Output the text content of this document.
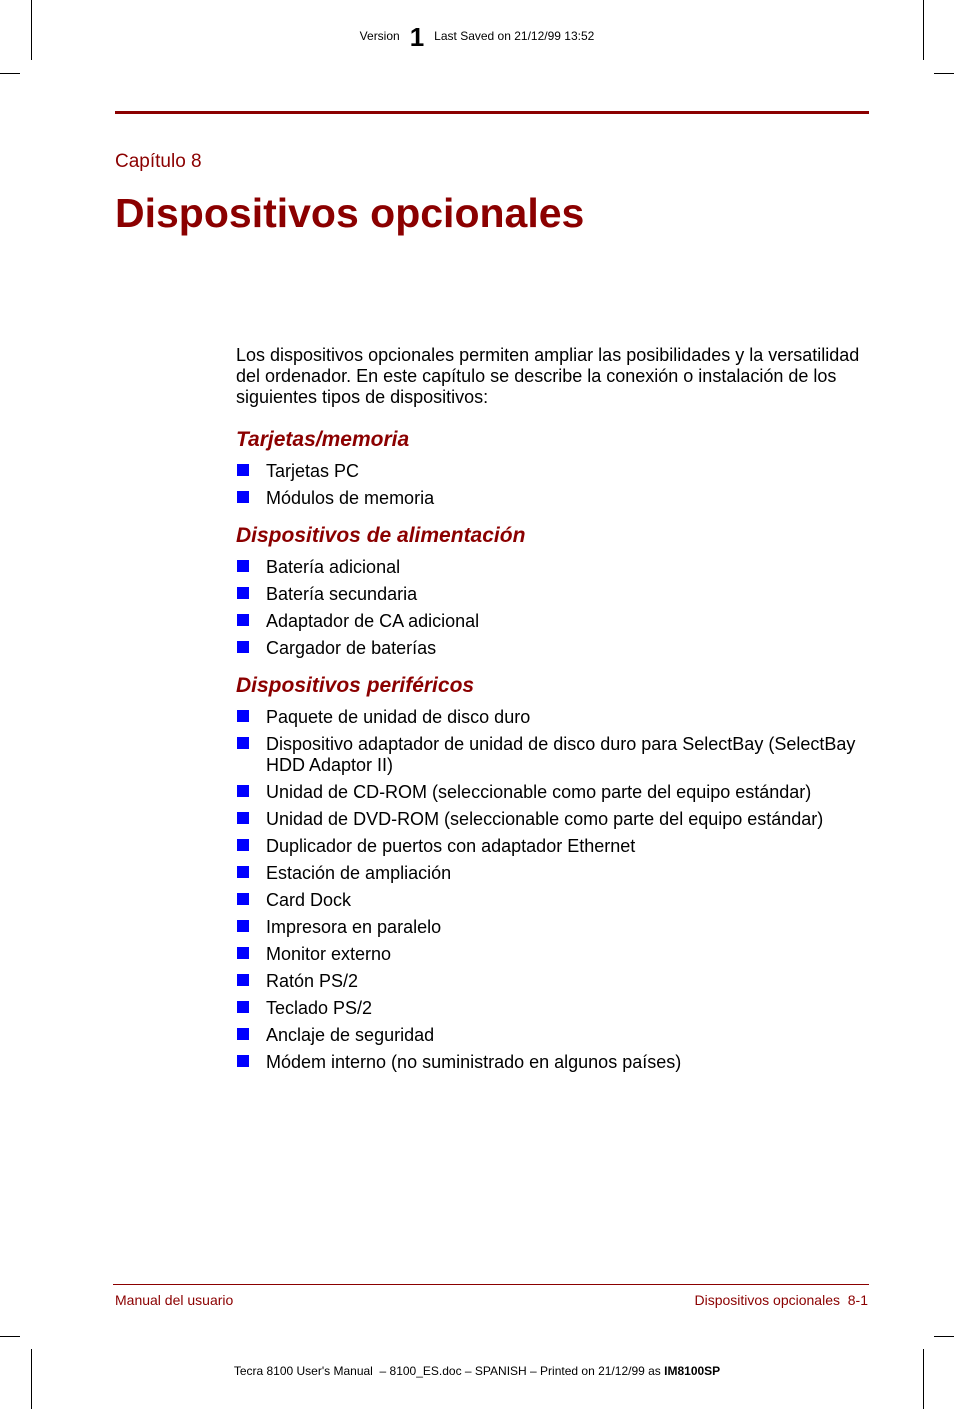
Version 1 Last Saved on 21/12/99 13:52
Capítulo 8
Dispositivos opcionales

Los dispositivos opcionales permiten ampliar las posibilidades y la versatilidad del ordenador. En este capítulo se describe la conexión o instalación de los siguientes tipos de dispositivos:

Tarjetas/memoria
Tarjetas PC
Módulos de memoria
Dispositivos de alimentación
Batería adicional
Batería secundaria
Adaptador de CA adicional
Cargador de baterías
Dispositivos periféricos
Paquete de unidad de disco duro
Dispositivo adaptador de unidad de disco duro para SelectBay (SelectBay HDD Adaptor II)
Unidad de CD-ROM (seleccionable como parte del equipo estándar)
Unidad de DVD-ROM (seleccionable como parte del equipo estándar)
Duplicador de puertos con adaptador Ethernet
Estación de ampliación
Card Dock
Impresora en paralelo
Monitor externo
Ratón PS/2
Teclado PS/2
Anclaje de seguridad
Módem interno (no suministrado en algunos países)
Manual del usuario	Dispositivos opcionales  8-1
Tecra 8100 User's Manual  – 8100_ES.doc – SPANISH – Printed on 21/12/99 as IM8100SP
